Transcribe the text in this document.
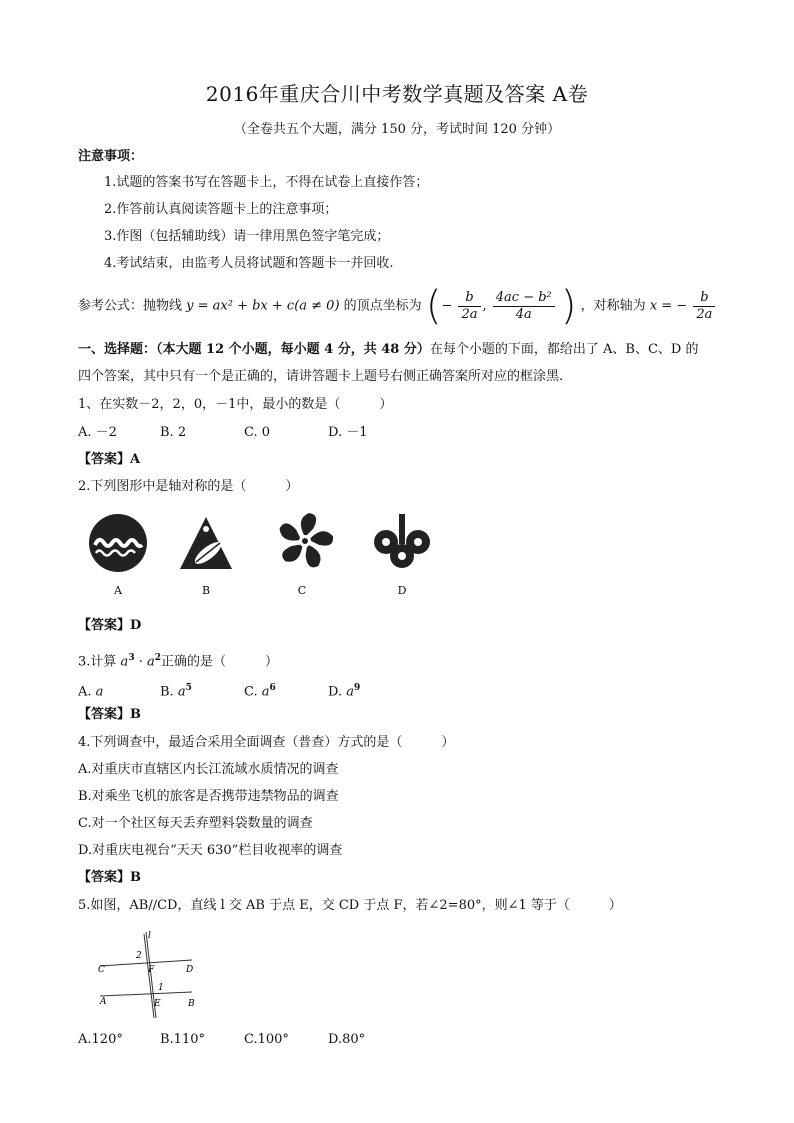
2016年重庆合川中考数学真题及答案 A卷
（全卷共五个大题，满分 150 分，考试时间 120 分钟）
注意事项：
1.试题的答案书写在答题卡上，不得在试卷上直接作答；
2.作答前认真阅读答题卡上的注意事项；
3.作图（包括辅助线）请一律用黑色签字笔完成；
4.考试结束，由监考人员将试题和答题卡一并回收.
参考公式：抛物线 y = ax² + bx + c(a ≠ 0) 的顶点坐标为 (− $\frac{b}{2a}$ , $\frac{\text{4ac − b²}}{4a}$ ) ，对称轴为 x = − $\frac{b}{2a}$
一、选择题：（本大题 12 个小题，每小题 4 分，共 48 分）在每个小题的下面，都给出了 A、B、C、D 的
四个答案，其中只有一个是正确的，请讲答题卡上题号右侧正确答案所对应的框涂黑.
1、在实数－2，2，0，－1中，最小的数是（　　　）
A. －2	B. 2	C. 0	D. －1
【答案】A
2.下列图形中是轴对称的是（　　　）
A	B	C	D
【答案】D
3.计算 $a^3 \cdot a^2$正确的是（　　　）
A. a	B. $a^5$	C. $a^6$	D. $a^9$
【答案】B
4.下列调查中，最适合采用全面调查（普查）方式的是（　　　）
A.对重庆市直辖区内长江流域水质情况的调查
B.对乘坐飞机的旅客是否携带违禁物品的调查
C.对一个社区每天丢弃塑料袋数量的调查
D.对重庆电视台“天天 630”栏目收视率的调查
【答案】B
5.如图，AB//CD，直线 l 交 AB 于点 E，交 CD 于点 F，若∠2=80°，则∠1 等于（　　　）
l
2
C	F	D
1
A	E	B
A.120°	B.110°	C.100°	D.80°
